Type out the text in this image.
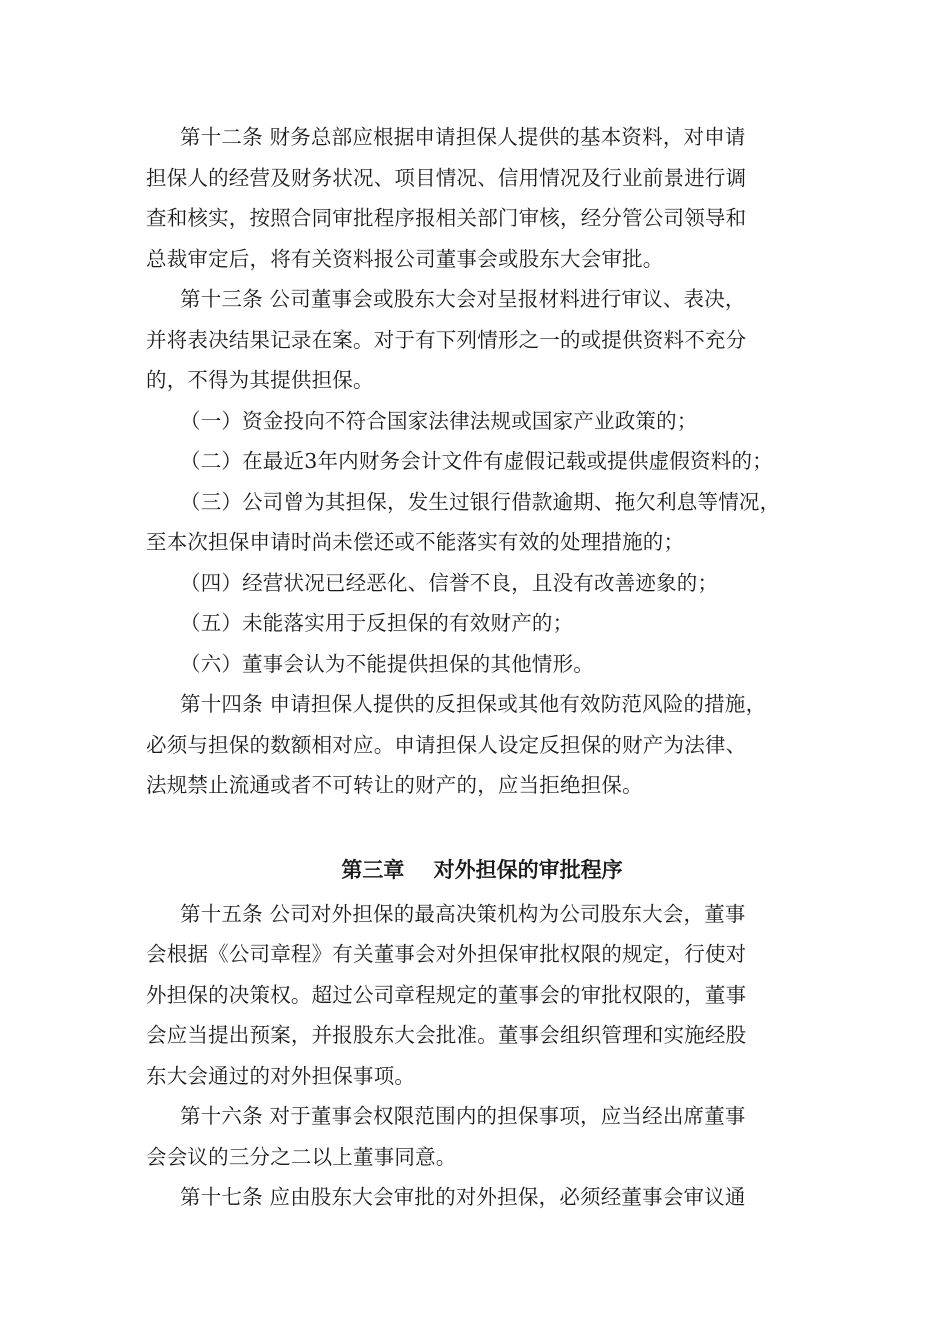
第十二条 财务总部应根据申请担保人提供的基本资料，对申请
担保人的经营及财务状况、项目情况、信用情况及行业前景进行调
查和核实，按照合同审批程序报相关部门审核，经分管公司领导和
总裁审定后，将有关资料报公司董事会或股东大会审批。
第十三条 公司董事会或股东大会对呈报材料进行审议、表决，
并将表决结果记录在案。对于有下列情形之一的或提供资料不充分
的，不得为其提供担保。
（一）资金投向不符合国家法律法规或国家产业政策的；
（二）在最近3年内财务会计文件有虚假记载或提供虚假资料的；
（三）公司曾为其担保，发生过银行借款逾期、拖欠利息等情况，
至本次担保申请时尚未偿还或不能落实有效的处理措施的；
（四）经营状况已经恶化、信誉不良，且没有改善迹象的；
（五）未能落实用于反担保的有效财产的；
（六）董事会认为不能提供担保的其他情形。
第十四条 申请担保人提供的反担保或其他有效防范风险的措施，
必须与担保的数额相对应。申请担保人设定反担保的财产为法律、
法规禁止流通或者不可转让的财产的，应当拒绝担保。
第三章    对外担保的审批程序
第十五条 公司对外担保的最高决策机构为公司股东大会，董事
会根据《公司章程》有关董事会对外担保审批权限的规定，行使对
外担保的决策权。超过公司章程规定的董事会的审批权限的，董事
会应当提出预案，并报股东大会批准。董事会组织管理和实施经股
东大会通过的对外担保事项。
第十六条 对于董事会权限范围内的担保事项，应当经出席董事
会会议的三分之二以上董事同意。
第十七条 应由股东大会审批的对外担保，必须经董事会审议通
